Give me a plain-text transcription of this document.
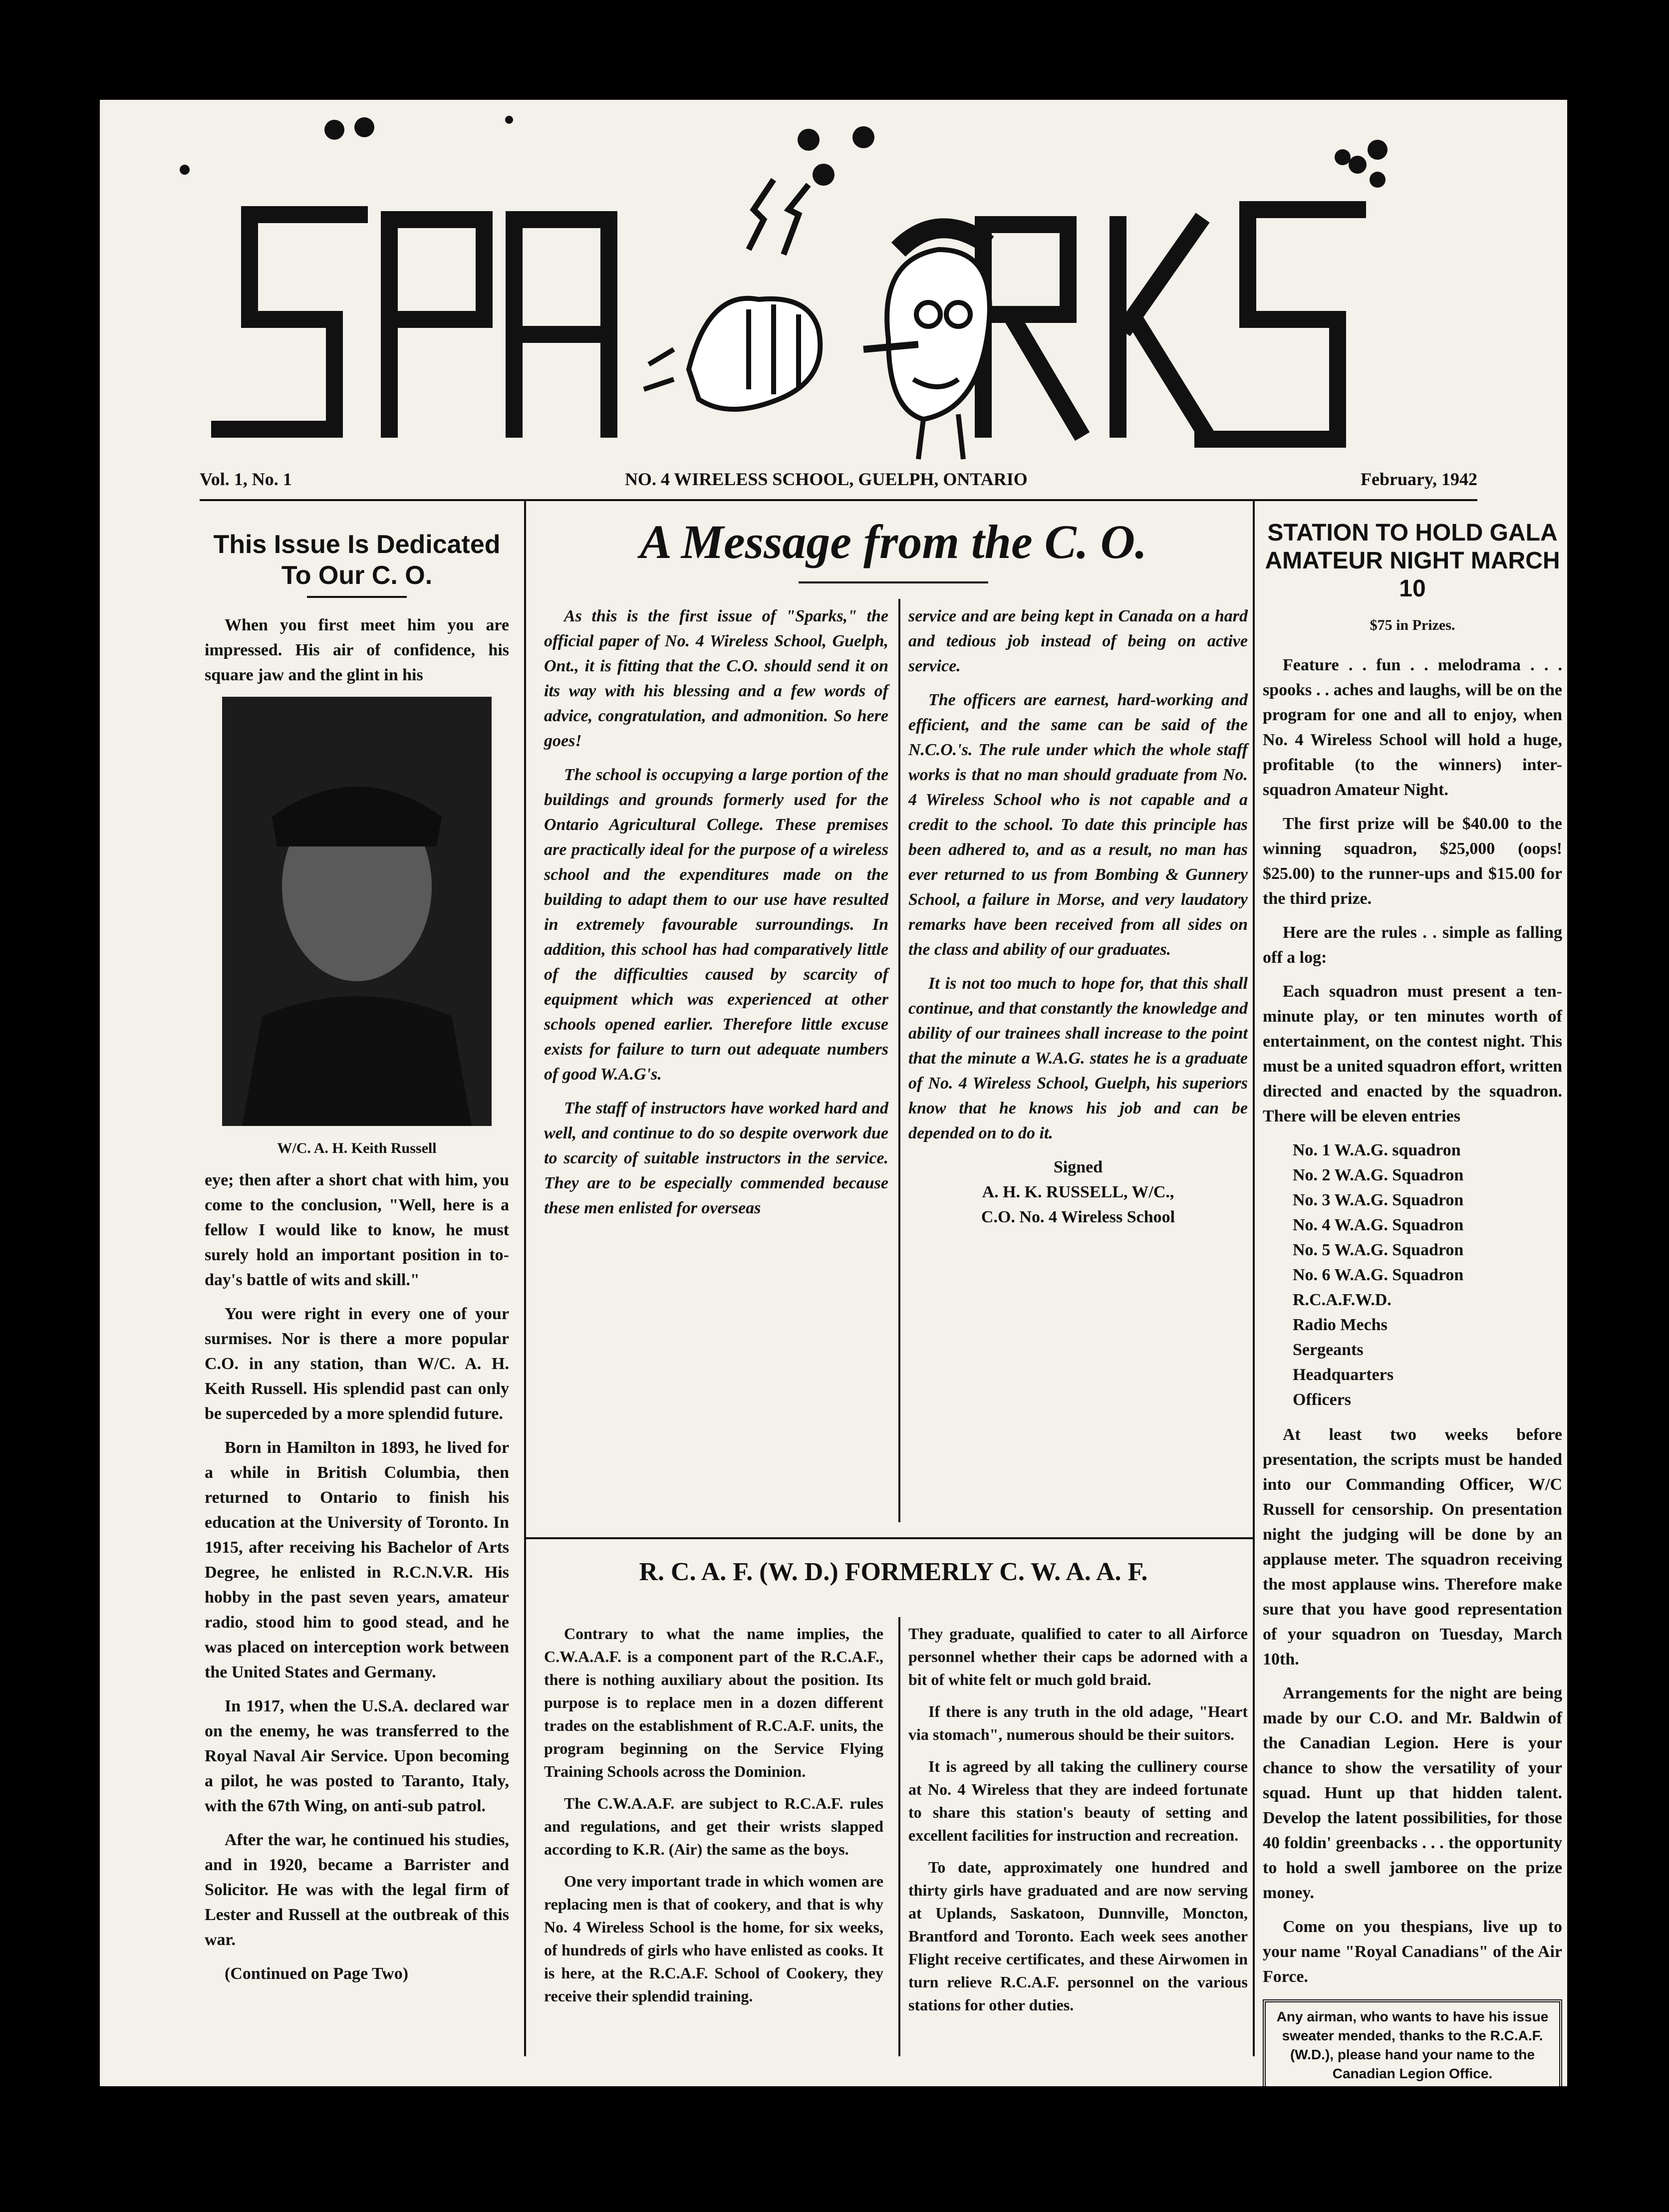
Vol. 1, No. 1	NO. 4 WIRELESS SCHOOL, GUELPH, ONTARIO	February, 1942
This Issue Is Dedicated To Our C. O.

When you first meet him you are impressed. His air of confidence, his square jaw and the glint in his

W/C. A. H. Keith Russell

eye; then after a short chat with him, you come to the conclusion, "Well, here is a fellow I would like to know, he must surely hold an important position in to-day's battle of wits and skill."

You were right in every one of your surmises. Nor is there a more popular C.O. in any station, than W/C. A. H. Keith Russell. His splendid past can only be superceded by a more splendid future.

Born in Hamilton in 1893, he lived for a while in British Columbia, then returned to Ontario to finish his education at the University of Toronto. In 1915, after receiving his Bachelor of Arts Degree, he enlisted in R.C.N.V.R. His hobby in the past seven years, amateur radio, stood him to good stead, and he was placed on interception work between the United States and Germany.

In 1917, when the U.S.A. declared war on the enemy, he was transferred to the Royal Naval Air Service. Upon becoming a pilot, he was posted to Taranto, Italy, with the 67th Wing, on anti-sub patrol.

After the war, he continued his studies, and in 1920, became a Barrister and Solicitor. He was with the legal firm of Lester and Russell at the outbreak of this war.

(Continued on Page Two)

A Message from the C. O.

As this is the first issue of "Sparks," the official paper of No. 4 Wireless School, Guelph, Ont., it is fitting that the C.O. should send it on its way with his blessing and a few words of advice, congratulation, and admonition. So here goes!

The school is occupying a large portion of the buildings and grounds formerly used for the Ontario Agricultural College. These premises are practically ideal for the purpose of a wireless school and the expenditures made on the building to adapt them to our use have resulted in extremely favourable surroundings. In addition, this school has had comparatively little of the difficulties caused by scarcity of equipment which was experienced at other schools opened earlier. Therefore little excuse exists for failure to turn out adequate numbers of good W.A.G's.

The staff of instructors have worked hard and well, and continue to do so despite overwork due to scarcity of suitable instructors in the service. They are to be especially commended because these men enlisted for overseas

service and are being kept in Canada on a hard and tedious job instead of being on active service.

The officers are earnest, hard-working and efficient, and the same can be said of the N.C.O.'s. The rule under which the whole staff works is that no man should graduate from No. 4 Wireless School who is not capable and a credit to the school. To date this principle has been adhered to, and as a result, no man has ever returned to us from Bombing & Gunnery School, a failure in Morse, and very laudatory remarks have been received from all sides on the class and ability of our graduates.

It is not too much to hope for, that this shall continue, and that constantly the knowledge and ability of our trainees shall increase to the point that the minute a W.A.G. states he is a graduate of No. 4 Wireless School, Guelph, his superiors know that he knows his job and can be depended on to do it.

Signed
A. H. K. RUSSELL, W/C.,
C.O. No. 4 Wireless School
R. C. A. F. (W. D.) FORMERLY C. W. A. A. F.

Contrary to what the name implies, the C.W.A.A.F. is a component part of the R.C.A.F., there is nothing auxiliary about the position. Its purpose is to replace men in a dozen different trades on the establishment of R.C.A.F. units, the program beginning on the Service Flying Training Schools across the Dominion.

The C.W.A.A.F. are subject to R.C.A.F. rules and regulations, and get their wrists slapped according to K.R. (Air) the same as the boys.

One very important trade in which women are replacing men is that of cookery, and that is why No. 4 Wireless School is the home, for six weeks, of hundreds of girls who have enlisted as cooks. It is here, at the R.C.A.F. School of Cookery, they receive their splendid training.

They graduate, qualified to cater to all Airforce personnel whether their caps be adorned with a bit of white felt or much gold braid.

If there is any truth in the old adage, "Heart via stomach", numerous should be their suitors.

It is agreed by all taking the cullinery course at No. 4 Wireless that they are indeed fortunate to share this station's beauty of setting and excellent facilities for instruction and recreation.

To date, approximately one hundred and thirty girls have graduated and are now serving at Uplands, Saskatoon, Dunnville, Moncton, Brantford and Toronto. Each week sees another Flight receive certificates, and these Airwomen in turn relieve R.C.A.F. personnel on the various stations for other duties.

STATION TO HOLD GALA AMATEUR NIGHT MARCH 10
$75 in Prizes.

Feature . . fun . . melodrama . . . spooks . . aches and laughs, will be on the program for one and all to enjoy, when No. 4 Wireless School will hold a huge, profitable (to the winners) inter-squadron Amateur Night.

The first prize will be $40.00 to the winning squadron, $25,000 (oops! $25.00) to the runner-ups and $15.00 for the third prize.

Here are the rules . . simple as falling off a log:

Each squadron must present a ten-minute play, or ten minutes worth of entertainment, on the contest night. This must be a united squadron effort, written directed and enacted by the squadron. There will be eleven entries

No. 1 W.A.G. squadron
No. 2 W.A.G. Squadron
No. 3 W.A.G. Squadron
No. 4 W.A.G. Squadron
No. 5 W.A.G. Squadron
No. 6 W.A.G. Squadron
R.C.A.F.W.D.
Radio Mechs
Sergeants
Headquarters
Officers

At least two weeks before presentation, the scripts must be handed into our Commanding Officer, W/C Russell for censorship. On presentation night the judging will be done by an applause meter. The squadron receiving the most applause wins. Therefore make sure that you have good representation of your squadron on Tuesday, March 10th.

Arrangements for the night are being made by our C.O. and Mr. Baldwin of the Canadian Legion. Here is your chance to show the versatility of your squad. Hunt up that hidden talent. Develop the latent possibilities, for those 40 foldin' greenbacks . . . the opportunity to hold a swell jamboree on the prize money.

Come on you thespians, live up to your name "Royal Canadians" of the Air Force.

Any airman, who wants to have his issue sweater mended, thanks to the R.C.A.F. (W.D.), please hand your name to the Canadian Legion Office.
